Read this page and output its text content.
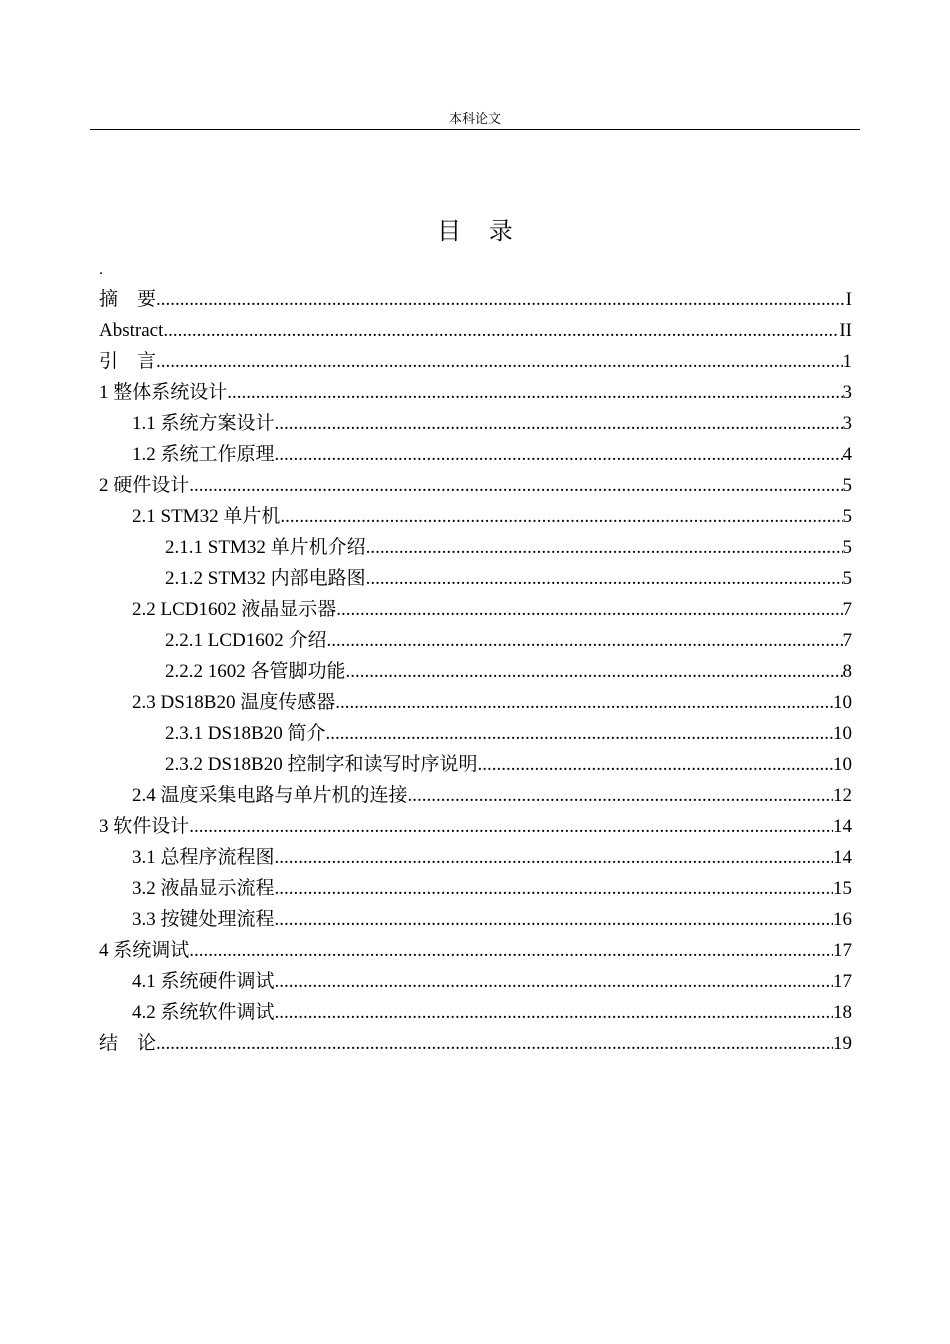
本科论文
目 录
.
摘　要 .....	I
Abstract .....	II
引　言 .....	1
1 整体系统设计 .....	3
1.1 系统方案设计 .....	3
1.2 系统工作原理 .....	4
2 硬件设计 .....	5
2.1 STM32 单片机 .....	5
2.1.1 STM32 单片机介绍 .....	5
2.1.2 STM32 内部电路图 .....	5
2.2 LCD1602 液晶显示器 .....	7
2.2.1 LCD1602 介绍 .....	7
2.2.2 1602 各管脚功能 .....	8
2.3 DS18B20 温度传感器 .....	10
2.3.1 DS18B20 简介 .....	10
2.3.2 DS18B20 控制字和读写时序说明 .....	10
2.4 温度采集电路与单片机的连接 .....	12
3 软件设计 .....	14
3.1 总程序流程图 .....	14
3.2 液晶显示流程 .....	15
3.3 按键处理流程 .....	16
4 系统调试 .....	17
4.1 系统硬件调试 .....	17
4.2 系统软件调试 .....	18
结　论 .....	19
